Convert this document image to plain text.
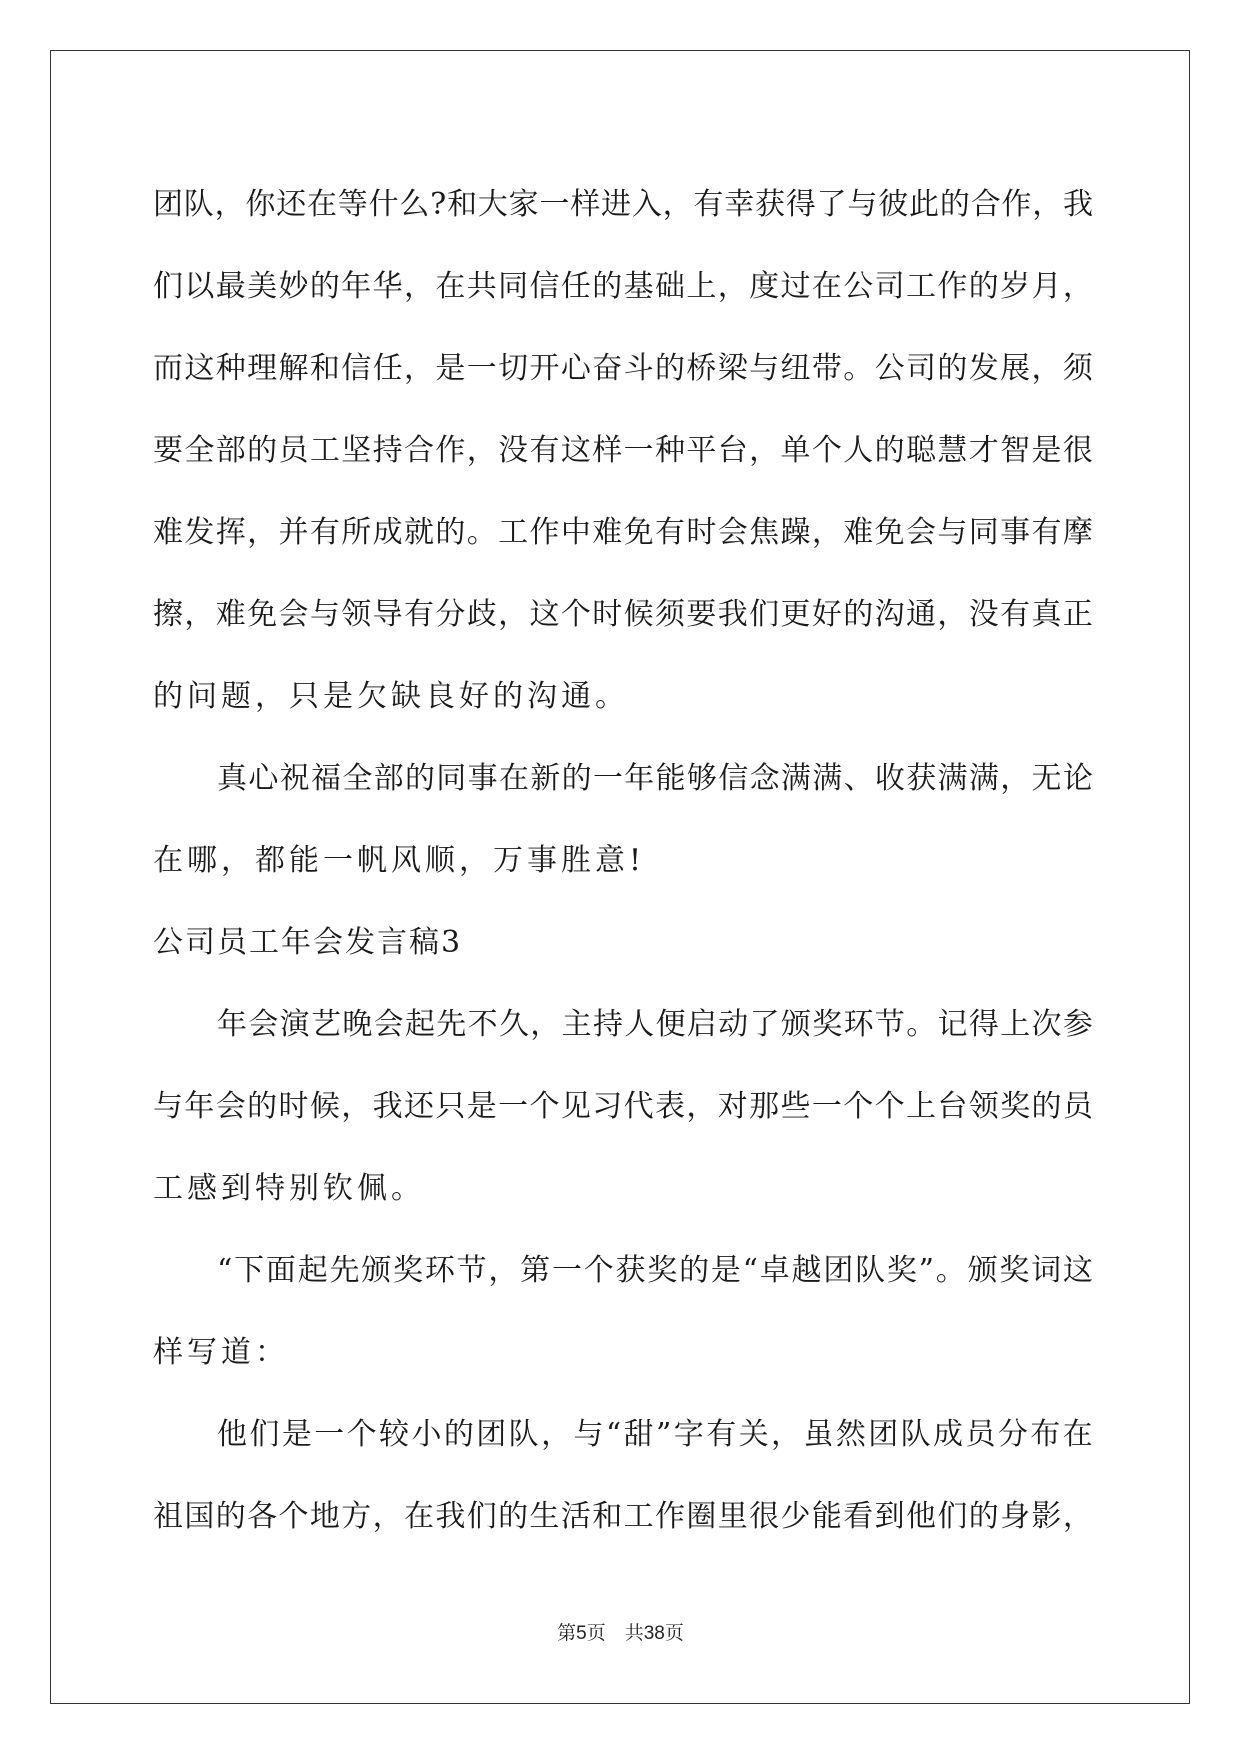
团 队 ， 你 还 在 等 什 么 ? 和 大 家 一 样 进 入 ， 有 幸 获 得 了 与 彼 此 的 合 作 ， 我
们 以 最 美 妙 的 年 华 ， 在 共 同 信 任 的 基 础 上 ， 度 过 在 公 司 工 作 的 岁 月 ，
而 这 种 理 解 和 信 任 ， 是 一 切 开 心 奋 斗 的 桥 梁 与 纽 带 。 公 司 的 发 展 ， 须
要 全 部 的 员 工 坚 持 合 作 ， 没 有 这 样 一 种 平 台 ， 单 个 人 的 聪 慧 才 智 是 很
难 发 挥 ， 并 有 所 成 就 的 。 工 作 中 难 免 有 时 会 焦 躁 ， 难 免 会 与 同 事 有 摩
擦 ， 难 免 会 与 领 导 有 分 歧 ， 这 个 时 候 须 要 我 们 更 好 的 沟 通 ， 没 有 真 正
的问题，只是欠缺良好的沟通。
真 心 祝 福 全 部 的 同 事 在 新 的 一 年 能 够 信 念 满 满 、 收 获 满 满 ， 无 论
在哪，都能一帆风顺，万事胜意!
公司员工年会发言稿3
年 会 演 艺 晚 会 起 先 不 久 ， 主 持 人 便 启 动 了 颁 奖 环 节 。 记 得 上 次 参
与 年 会 的 时 候 ， 我 还 只 是 一 个 见 习 代 表 ， 对 那 些 一 个 个 上 台 领 奖 的 员
工感到特别钦佩。
“ 下 面 起 先 颁 奖 环 节 ， 第 一 个 获 奖 的 是 “ 卓 越 团 队 奖 ” 。 颁 奖 词 这
样写道：
他 们 是 一 个 较 小 的 团 队 ， 与 “ 甜 ” 字 有 关 ， 虽 然 团 队 成 员 分 布 在
祖 国 的 各 个 地 方 ， 在 我 们 的 生 活 和 工 作 圈 里 很 少 能 看 到 他 们 的 身 影 ，
第5页　共38页
